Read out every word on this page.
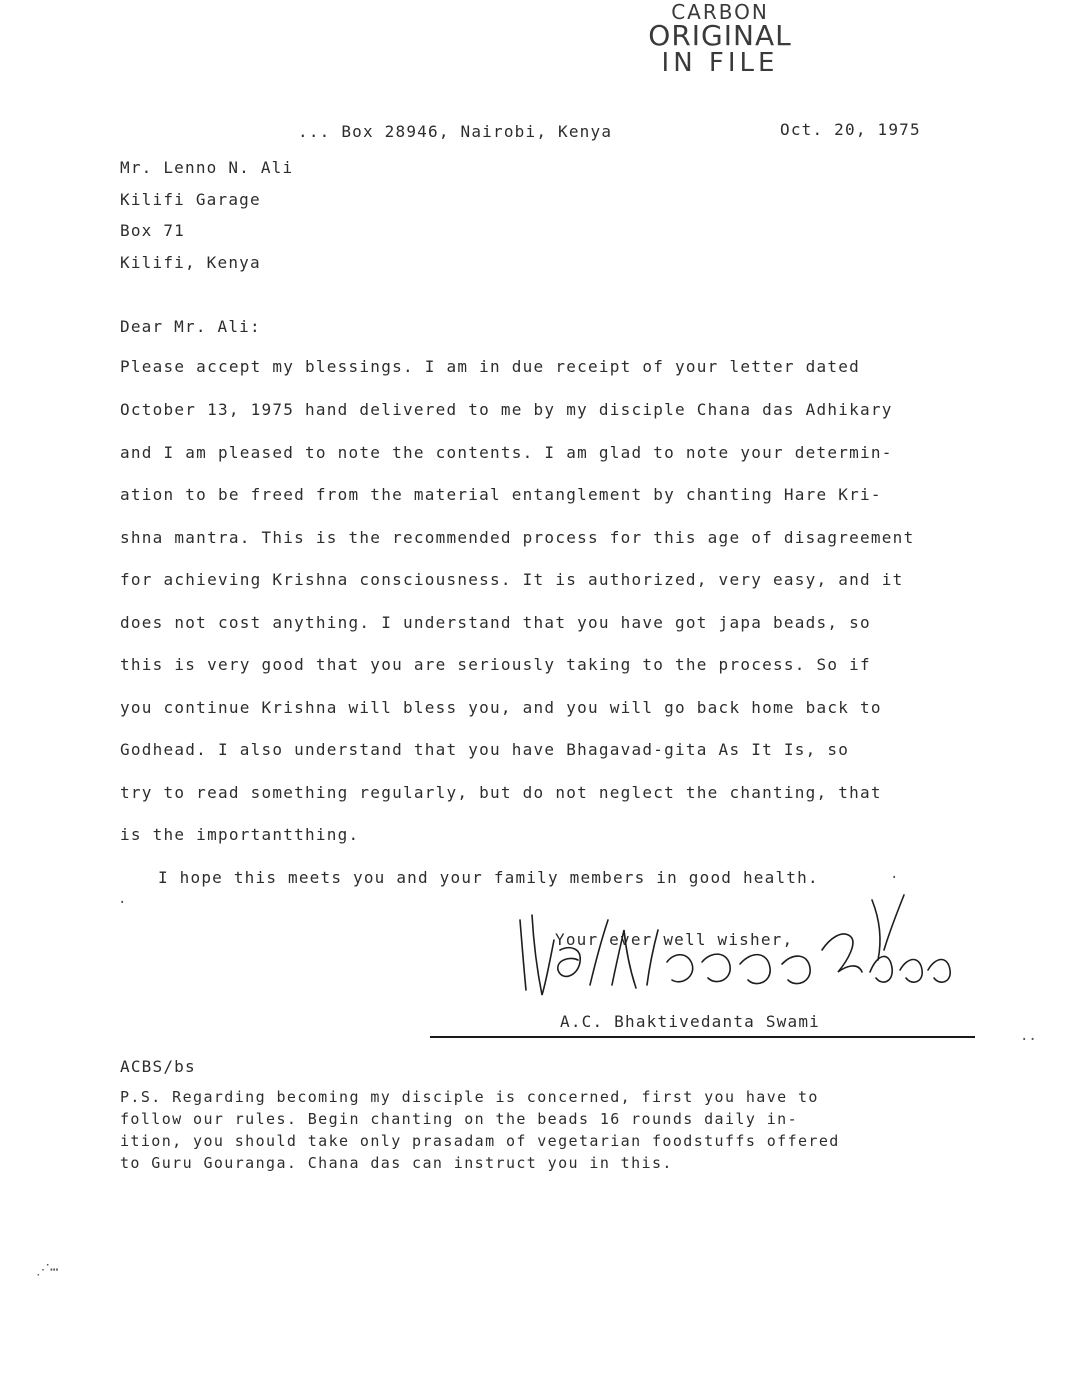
CARBON
ORIGINAL
IN FILE
... Box 28946, Nairobi, Kenya	Oct. 20, 1975
Mr. Lenno N. Ali
Kilifi Garage
Box 71
Kilifi, Kenya
Dear Mr. Ali:
Please accept my blessings. I am in due receipt of your letter dated
October 13, 1975 hand delivered to me by my disciple Chana das Adhikary
and I am pleased to note the contents. I am glad to note your determin-
ation to be freed from the material entanglement by chanting Hare Kri-
shna mantra. This is the recommended process for this age of disagreement
for achieving Krishna consciousness. It is authorized, very easy, and it
does not cost anything. I understand that you have got japa beads, so
this is very good that you are seriously taking to the process. So if
you continue Krishna will bless you, and you will go back home back to
Godhead. I also understand that you have Bhagavad-gita As It Is, so
try to read something regularly, but do not neglect the chanting, that
is the importantthing.
I hope this meets you and your family members in good health.
Your ever well wisher,
A.C. Bhaktivedanta Swami
ACBS/bs
P.S. Regarding becoming my disciple is concerned, first you have to
follow our rules. Begin chanting on the beads 16 rounds daily in-
ition, you should take only prasadam of vegetarian foodstuffs offered
to Guru Gouranga. Chana das can instruct you in this.
·
·
··
⋰⋯
